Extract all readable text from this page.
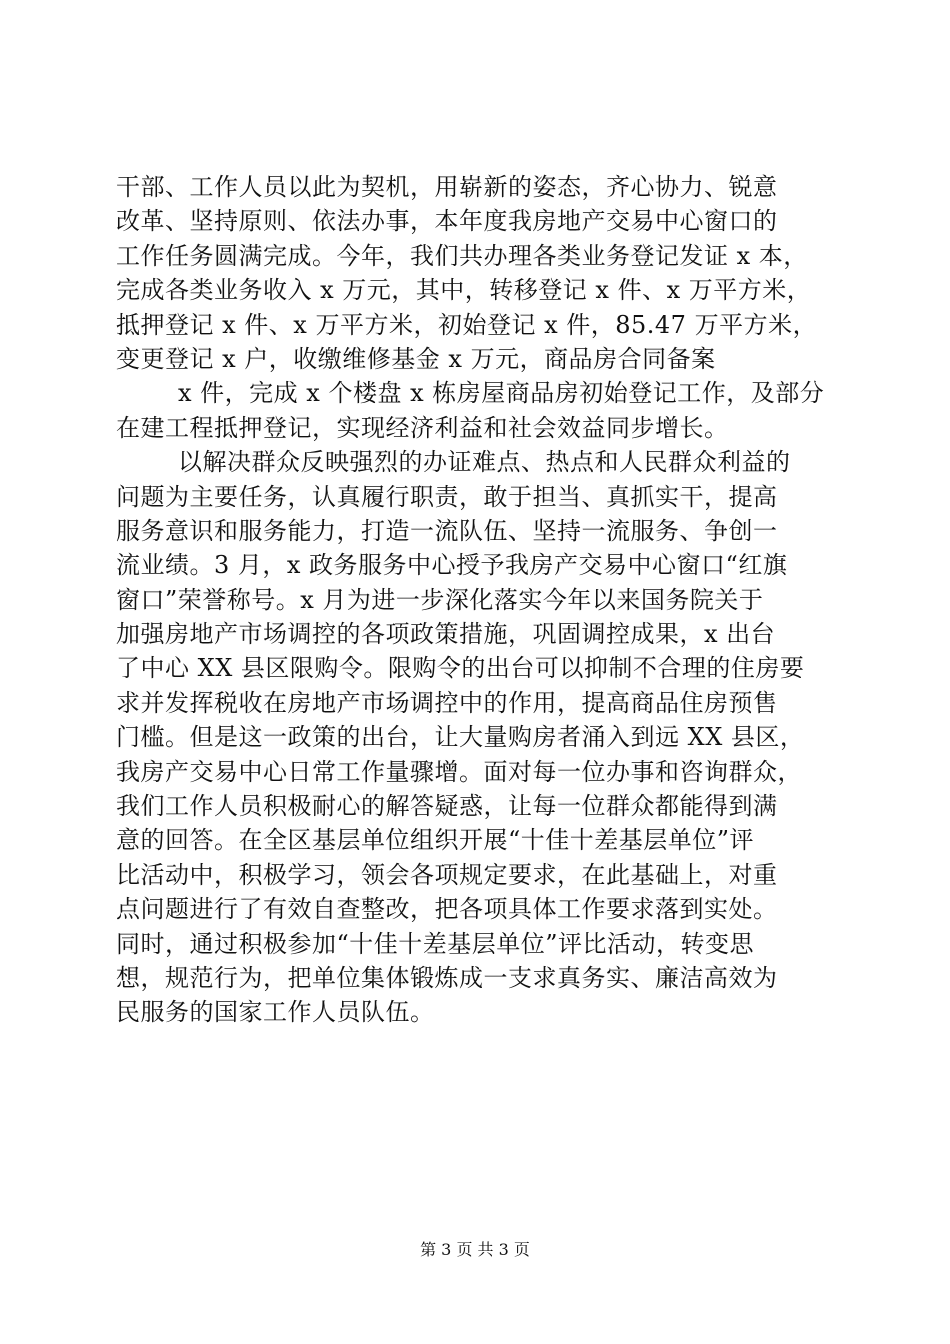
干部、工作人员以此为契机，用崭新的姿态，齐心协力、锐意
改革、坚持原则、依法办事，本年度我房地产交易中心窗口的
工作任务圆满完成。今年，我们共办理各类业务登记发证 x 本，
完成各类业务收入 x 万元，其中，转移登记 x 件、x 万平方米，
抵押登记 x 件、x 万平方米，初始登记 x 件，85.47 万平方米，
变更登记 x 户，收缴维修基金 x 万元，商品房合同备案
x 件，完成 x 个楼盘 x 栋房屋商品房初始登记工作，及部分
在建工程抵押登记，实现经济利益和社会效益同步增长。
以解决群众反映强烈的办证难点、热点和人民群众利益的
问题为主要任务，认真履行职责，敢于担当、真抓实干，提高
服务意识和服务能力，打造一流队伍、坚持一流服务、争创一
流业绩。3 月，x 政务服务中心授予我房产交易中心窗口“红旗
窗口”荣誉称号。x 月为进一步深化落实今年以来国务院关于
加强房地产市场调控的各项政策措施，巩固调控成果，x 出台
了中心 XX 县区限购令。限购令的出台可以抑制不合理的住房要
求并发挥税收在房地产市场调控中的作用，提高商品住房预售
门槛。但是这一政策的出台，让大量购房者涌入到远 XX 县区，
我房产交易中心日常工作量骤增。面对每一位办事和咨询群众，
我们工作人员积极耐心的解答疑惑，让每一位群众都能得到满
意的回答。在全区基层单位组织开展“十佳十差基层单位”评
比活动中，积极学习，领会各项规定要求，在此基础上，对重
点问题进行了有效自查整改，把各项具体工作要求落到实处。
同时，通过积极参加“十佳十差基层单位”评比活动，转变思
想，规范行为，把单位集体锻炼成一支求真务实、廉洁高效为
民服务的国家工作人员队伍。
第 3 页 共 3 页
